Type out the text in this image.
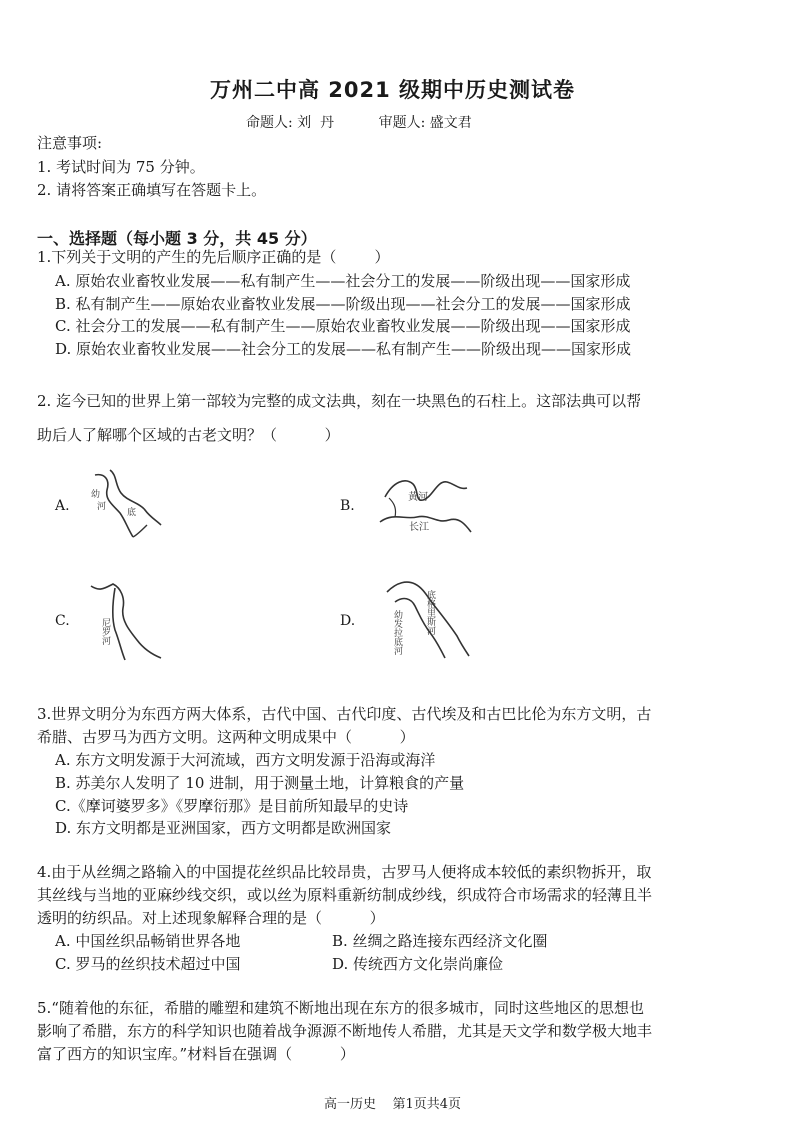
万州二中高 2021 级期中历史测试卷
命题人: 刘  丹          审题人: 盛文君
注意事项:
1. 考试时间为 75 分钟。
2. 请将答案正确填写在答题卡上。
一、选择题（每小题 3 分，共 45 分）
1.下列关于文明的产生的先后顺序正确的是（        ）
A. 原始农业畜牧业发展——私有制产生——社会分工的发展——阶级出现——国家形成
B. 私有制产生——原始农业畜牧业发展——阶级出现——社会分工的发展——国家形成
C. 社会分工的发展——私有制产生——原始农业畜牧业发展——阶级出现——国家形成
D. 原始农业畜牧业发展——社会分工的发展——私有制产生——阶级出现——国家形成
2. 迄今已知的世界上第一部较为完整的成文法典，刻在一块黑色的石柱上。这部法典可以帮
助后人了解哪个区域的古老文明？（          ）
A.
幼
河
底	B.
黄河
长江
C.	尼罗河	D.	幼发拉底河	底格里斯河
3.世界文明分为东西方两大体系，古代中国、古代印度、古代埃及和古巴比伦为东方文明，古
希腊、古罗马为西方文明。这两种文明成果中（          ）
A. 东方文明发源于大河流域，西方文明发源于沿海或海洋
B. 苏美尔人发明了 10 进制，用于测量土地，计算粮食的产量
C.《摩诃婆罗多》《罗摩衍那》是目前所知最早的史诗
D. 东方文明都是亚洲国家，西方文明都是欧洲国家
4.由于从丝绸之路输入的中国提花丝织品比较昂贵，古罗马人便将成本较低的素织物拆开，取
其丝线与当地的亚麻纱线交织，或以丝为原料重新纺制成纱线，织成符合市场需求的轻薄且半
透明的纺织品。对上述现象解释合理的是（          ）
A. 中国丝织品畅销世界各地	B. 丝绸之路连接东西经济文化圈
C. 罗马的丝织技术超过中国	D. 传统西方文化崇尚廉俭
5.“随着他的东征，希腊的雕塑和建筑不断地出现在东方的很多城市，同时这些地区的思想也
影响了希腊，东方的科学知识也随着战争源源不断地传人希腊，尤其是天文学和数学极大地丰
富了西方的知识宝库。”材料旨在强调（          ）
高一历史    第1页共4页
